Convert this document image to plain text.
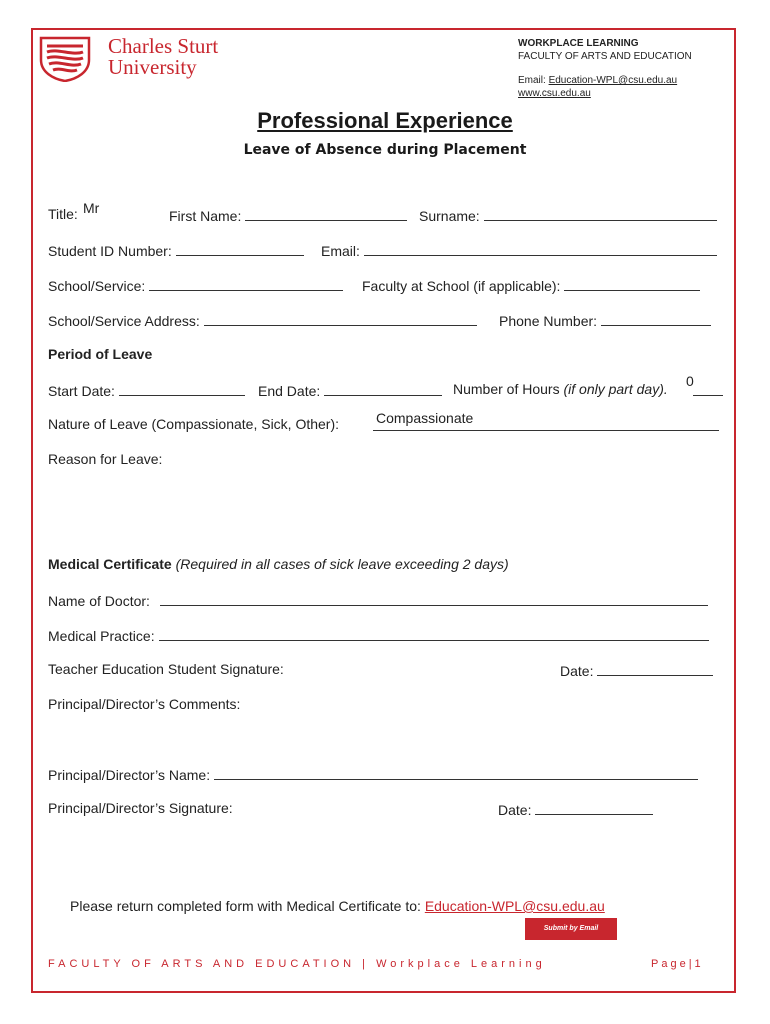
Charles Sturt
University
WORKPLACE LEARNING
FACULTY OF ARTS AND EDUCATION
Email: Education-WPL@csu.edu.au
www.csu.edu.au
Professional Experience
Leave of Absence during Placement
Title: Mr	First Name:	Surname:
Student ID Number:	Email:
School/Service:	Faculty at School (if applicable):
School/Service Address:	Phone Number:
Period of Leave
Start Date:	End Date:	Number of Hours (if only part day). 0
Nature of Leave (Compassionate, Sick, Other):	Compassionate
Reason for Leave:
Medical Certificate (Required in all cases of sick leave exceeding 2 days)
Name of Doctor:
Medical Practice:
Teacher Education Student Signature:	Date:
Principal/Director’s Comments:
Principal/Director’s Name:
Principal/Director’s Signature:	Date:
Please return completed form with Medical Certificate to: Education-WPL@csu.edu.au
Submit by Email
FACULTY OF ARTS AND EDUCATION | Workplace Learning	Page|1
